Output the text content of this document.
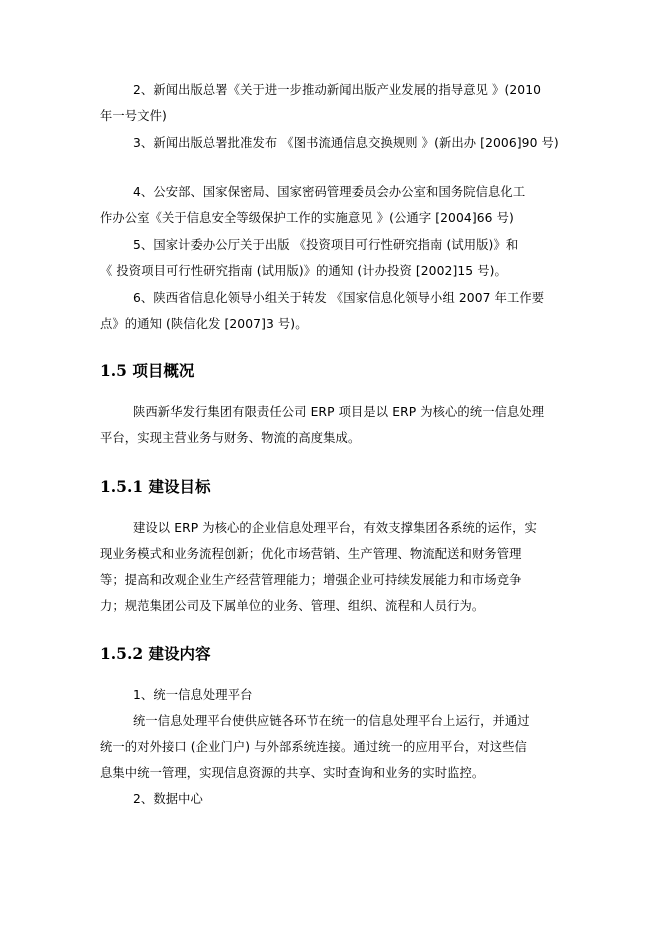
2、新闻出版总署《关于进一步推动新闻出版产业发展的指导意见 》(2010
年一号文件)
3、新闻出版总署批准发布 《图书流通信息交换规则 》(新出办 [2006]90 号)
4、公安部、国家保密局、国家密码管理委员会办公室和国务院信息化工
作办公室《关于信息安全等级保护工作的实施意见 》(公通字 [2004]66 号)
5、国家计委办公厅关于出版 《投资项目可行性研究指南 (试用版)》和
《 投资项目可行性研究指南 (试用版)》的通知 (计办投资 [2002]15 号)。
6、陕西省信息化领导小组关于转发 《国家信息化领导小组 2007 年工作要
点》的通知 (陕信化发 [2007]3 号)。
1.5 项目概况
陕西新华发行集团有限责任公司 ERP 项目是以 ERP 为核心的统一信息处理
平台，实现主营业务与财务、物流的高度集成。
1.5.1 建设目标
建设以 ERP 为核心的企业信息处理平台，有效支撑集团各系统的运作，实
现业务模式和业务流程创新；优化市场营销、生产管理、物流配送和财务管理
等；提高和改观企业生产经营管理能力；增强企业可持续发展能力和市场竞争
力；规范集团公司及下属单位的业务、管理、组织、流程和人员行为。
1.5.2 建设内容
1、统一信息处理平台
统一信息处理平台使供应链各环节在统一的信息处理平台上运行，并通过
统一的对外接口 (企业门户) 与外部系统连接。通过统一的应用平台，对这些信
息集中统一管理，实现信息资源的共享、实时查询和业务的实时监控。
2、数据中心
